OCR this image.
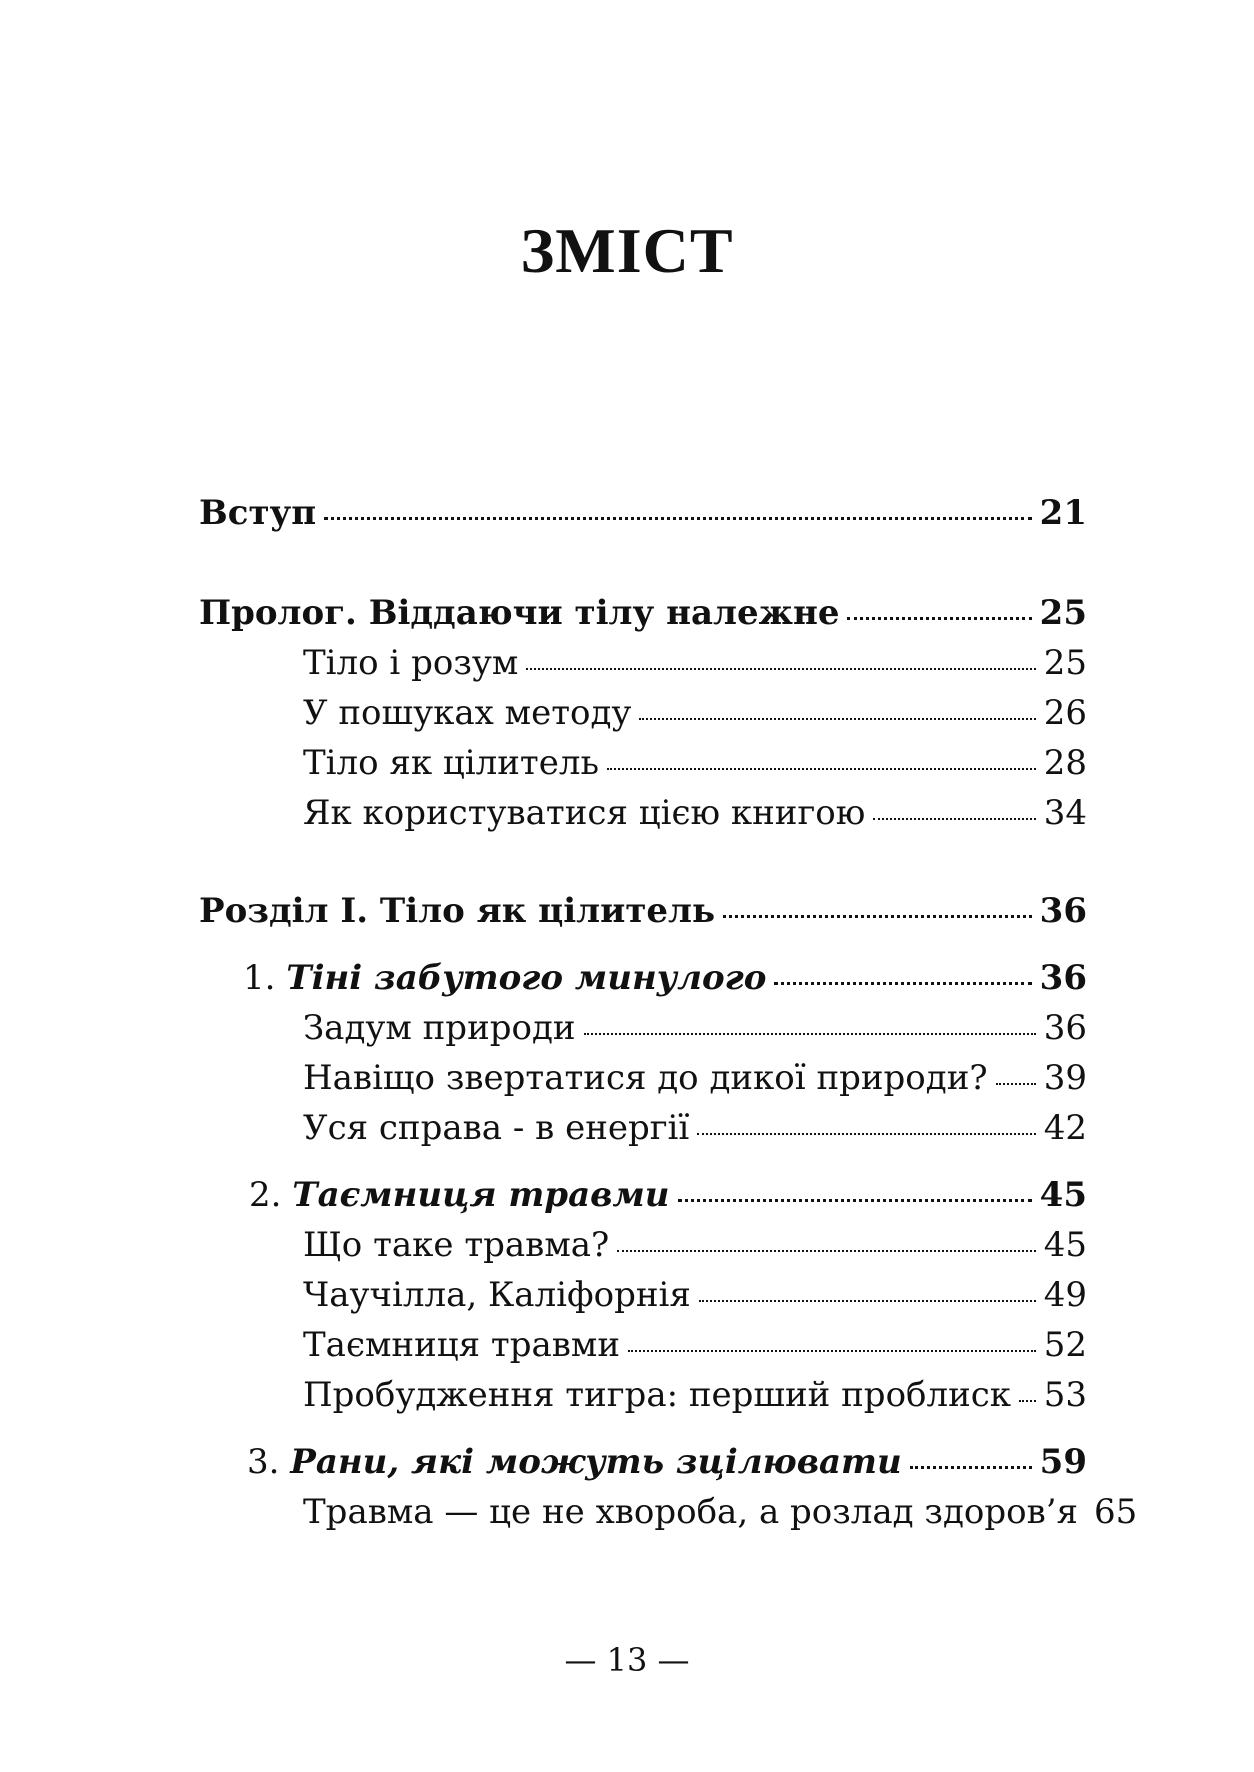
ЗМІСТ
Вступ	21
Пролог. Віддаючи тілу належне	25
Тіло і розум	25
У пошуках методу	26
Тіло як цілитель	28
Як користуватися цією книгою	34
Розділ І. Тіло як цілитель	36
1.
Тіні забутого минулого	36
Задум природи	36
Навіщо звертатися до дикої природи? 39
Уся справа - в енергії	42
2.
Таємниця травми	45
Що таке травма?	45
Чаучілла, Каліфорнія	49
Таємниця травми	52
Пробудження тигра: перший проблиск 53
3.
Рани, які можуть зцілювати	59
Травма — це не хвороба, а розлад здоров’я 65
— 13 —
